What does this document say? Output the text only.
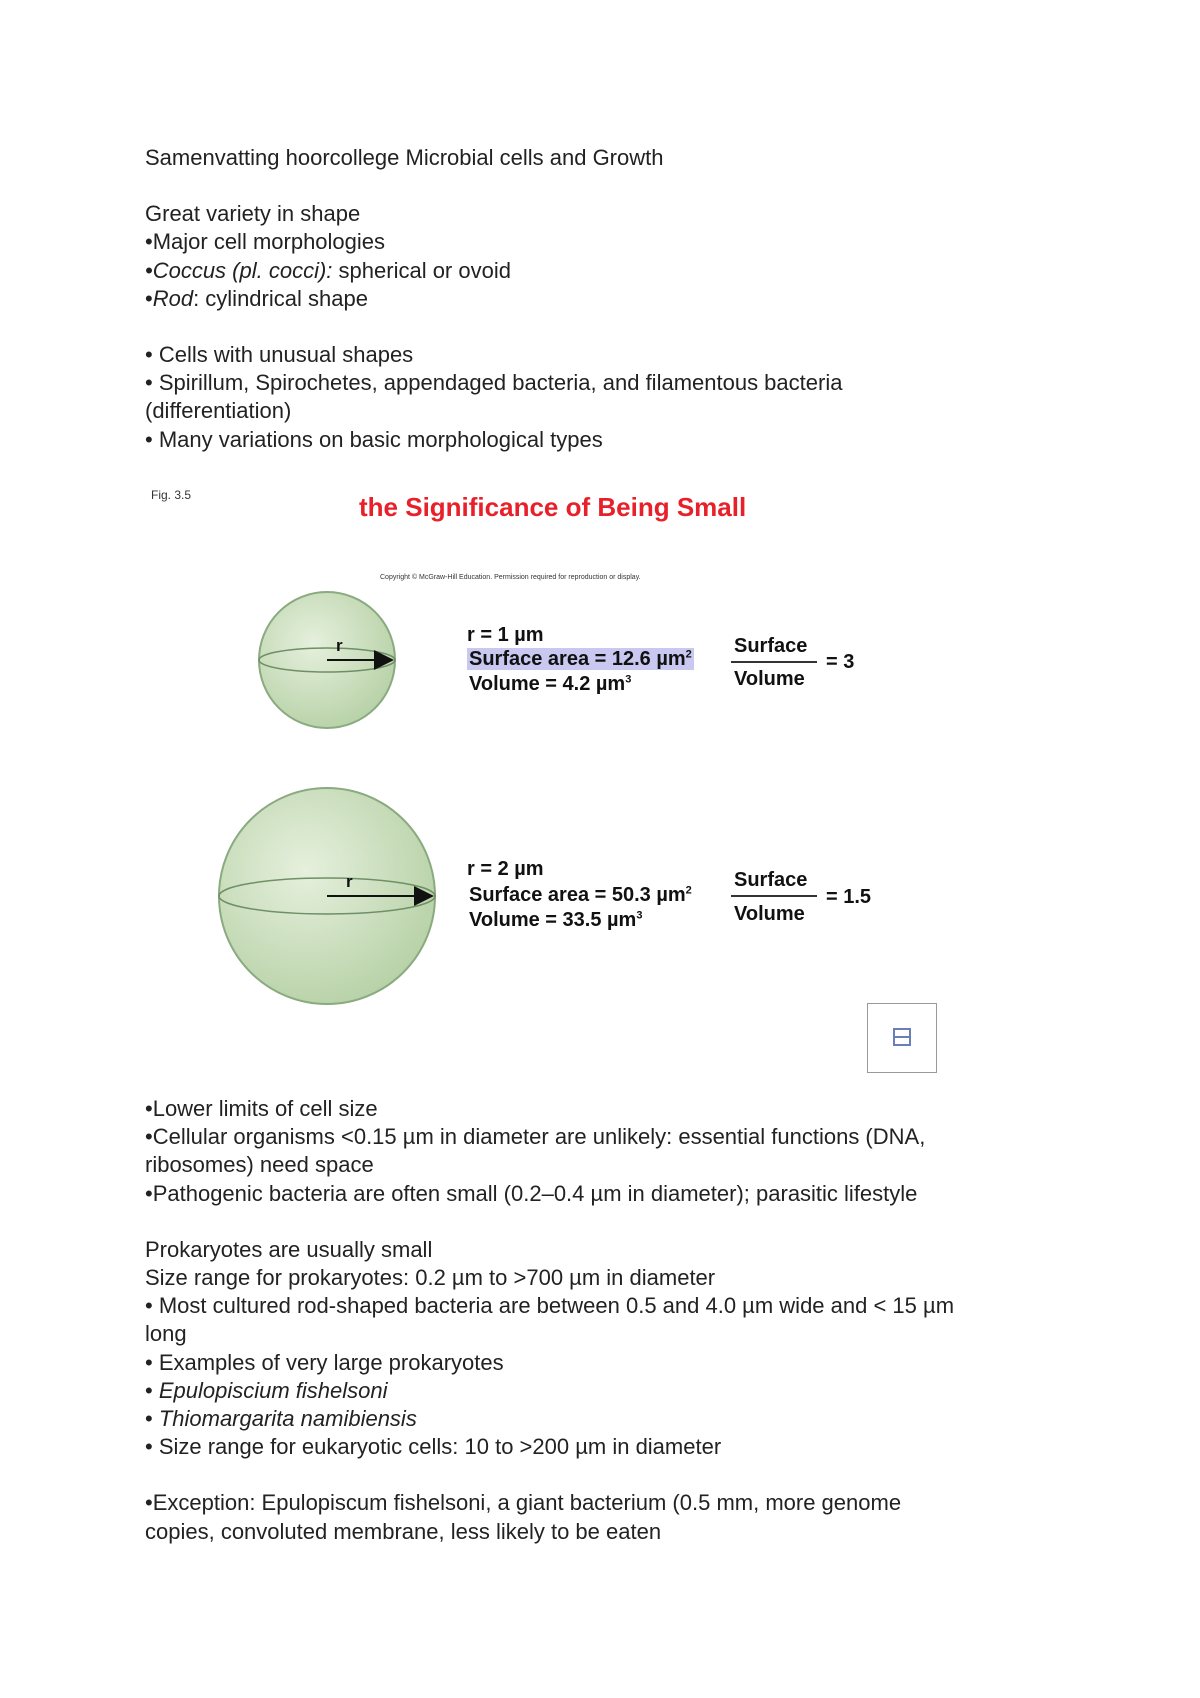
Samenvatting hoorcollege Microbial cells and Growth
Great variety in shape
•Major cell morphologies
•Coccus (pl. cocci): spherical or ovoid
•Rod: cylindrical shape
• Cells with unusual shapes
• Spirillum, Spirochetes, appendaged bacteria, and filamentous bacteria
(differentiation)
• Many variations on basic morphological types
Fig. 3.5	the Significance of Being Small
Copyright © McGraw-Hill Education. Permission required for reproduction or display.
r	r = 1 µm
Surface area = 12.6 µm$^2$
Volume = 4.2 µm$^3$
Surface
Volume
= 3
r
r = 2 µm
Surface area = 50.3 µm$^2$
Volume = 33.5 µm$^3$
Surface
Volume
= 1.5
•Lower limits of cell size
•Cellular organisms <0.15 µm in diameter are unlikely: essential functions (DNA,
ribosomes) need space
•Pathogenic bacteria are often small (0.2–0.4 µm in diameter); parasitic lifestyle
Prokaryotes are usually small
Size range for prokaryotes: 0.2 µm to >700 µm in diameter
• Most cultured rod-shaped bacteria are between 0.5 and 4.0 µm wide and < 15 µm
long
• Examples of very large prokaryotes
• Epulopiscium fishelsoni
• Thiomargarita namibiensis
• Size range for eukaryotic cells: 10 to >200 µm in diameter
•Exception: Epulopiscum fishelsoni, a giant bacterium (0.5 mm, more genome
copies, convoluted membrane, less likely to be eaten
